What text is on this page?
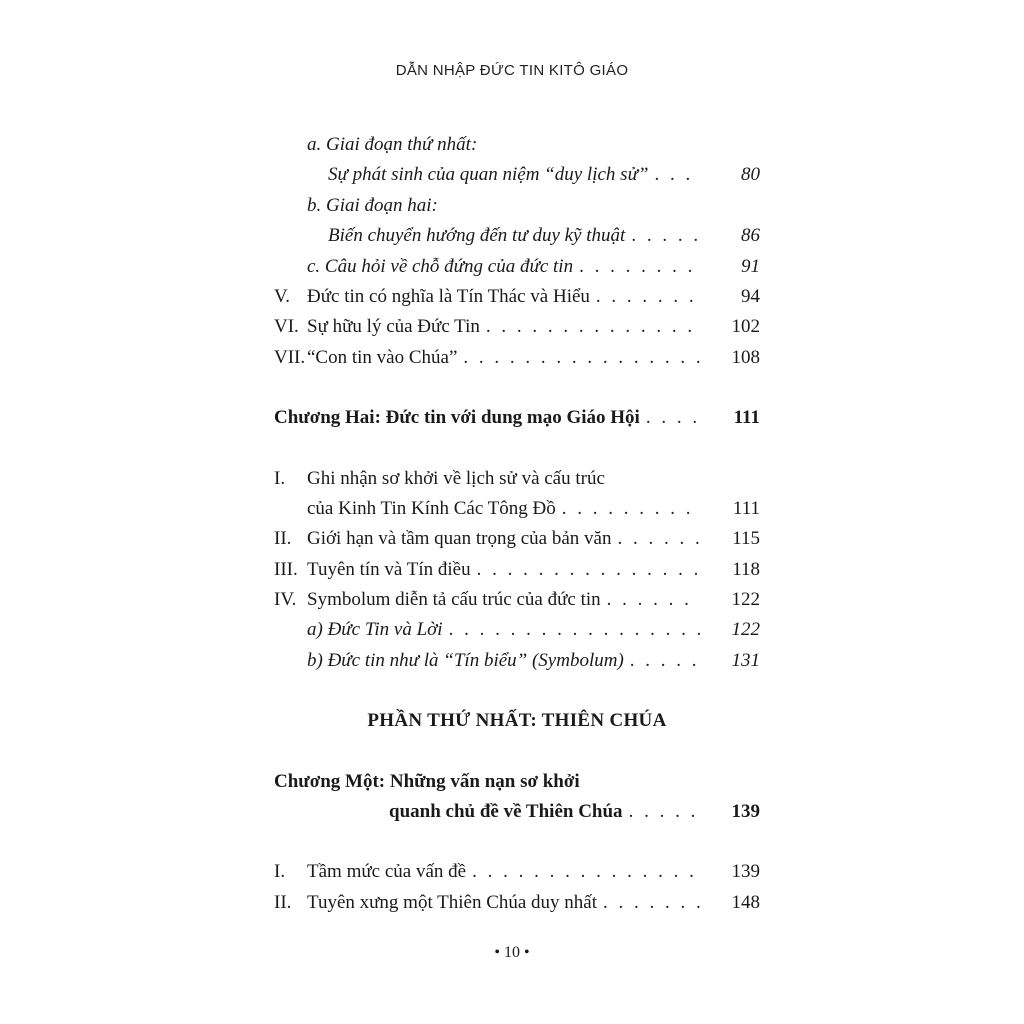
DẪN NHẬP ĐỨC TIN KITÔ GIÁO
a. Giai đoạn thứ nhất:
Sự phát sinh của quan niệm “duy lịch sử” . . .	80
b. Giai đoạn hai:
Biến chuyển hướng đến tư duy kỹ thuật . . .	86
c. Câu hỏi về chỗ đứng của đức tin . . .	91
V. Đức tin có nghĩa là Tín Thác và Hiểu . . .	94
VI. Sự hữu lý của Đức Tin . . .	102
VII. “Con tin vào Chúa” . . .	108
Chương Hai: Đức tin với dung mạo Giáo Hội . . .	111
I.	Ghi nhận sơ khởi về lịch sử và cấu trúc
của Kinh Tin Kính Các Tông Đồ . . .	111
II. Giới hạn và tầm quan trọng của bản văn . . .	115
III. Tuyên tín và Tín điều . . .	118
IV. Symbolum diễn tả cấu trúc của đức tin . . .	122
a) Đức Tin và Lời . . .	122
b) Đức tin như là “Tín biểu” (Symbolum) . . .	131
PHẦN THỨ NHẤT: THIÊN CHÚA
Chương Một: Những vấn nạn sơ khởi
quanh chủ đề về Thiên Chúa . . .	139
I.	Tầm mức của vấn đề . . .	139
II. Tuyên xưng một Thiên Chúa duy nhất . . .	148
• 10 •
